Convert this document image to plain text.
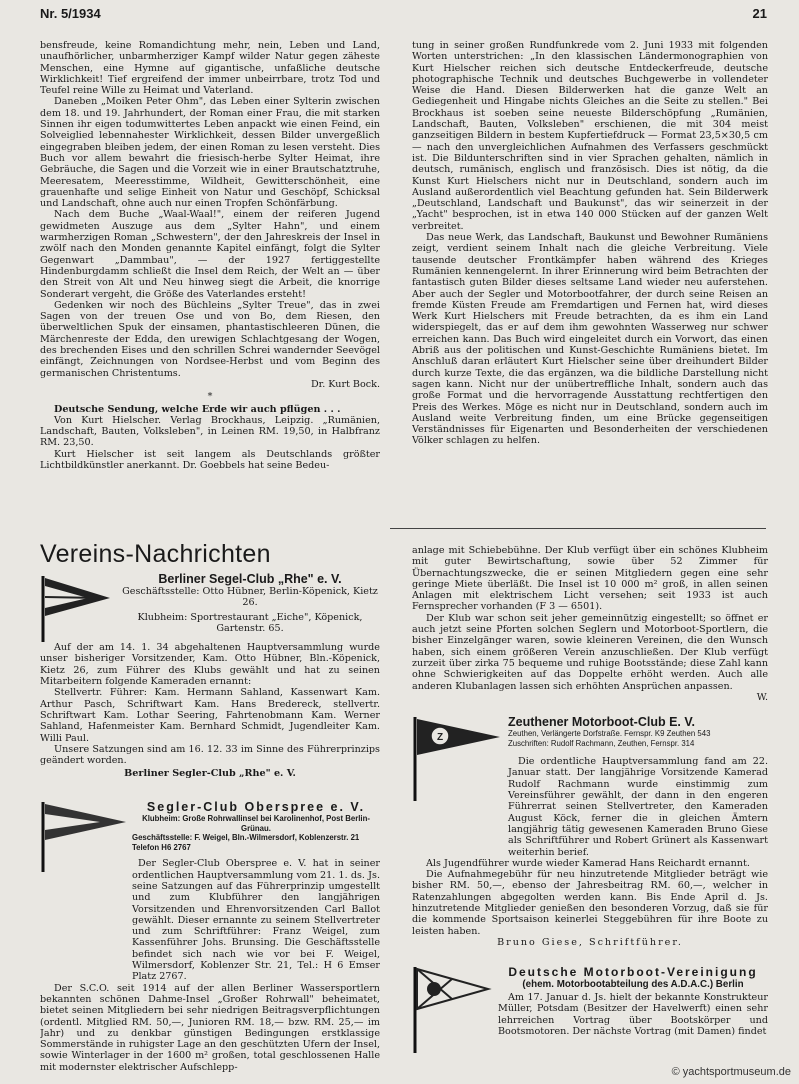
Nr. 5/1934	21

bensfreude, keine Romandichtung mehr, nein, Leben und Land, unaufhörlicher, unbarmherziger Kampf wilder Natur gegen zäheste Menschen, eine Hymne auf gigantische, unfaßliche deutsche Wirklichkeit! Tief ergreifend der immer unbeirrbare, trotz Tod und Teufel reine Wille zu Heimat und Vaterland.

Daneben „Moiken Peter Ohm", das Leben einer Sylterin zwischen dem 18. und 19. Jahrhundert, der Roman einer Frau, die mit starken Sinnen ihr eigen todumwittertes Leben anpackt wie einen Feind, ein Solveiglied lebennahester Wirklichkeit, dessen Bilder unvergeßlich eingegraben bleiben jedem, der einen Roman zu lesen versteht. Dies Buch vor allem bewahrt die friesisch-herbe Sylter Heimat, ihre Gebräuche, die Sagen und die Vorzeit wie in einer Brautschatztruhe, Meeresatem, Meeresstimme, Wildheit, Gewitterschönheit, eine grauenhafte und selige Einheit von Natur und Geschöpf, Schicksal und Landschaft, ohne auch nur einen Tropfen Schönfärbung.

Nach dem Buche „Waal-Waal!", einem der reiferen Jugend gewidmeten Auszuge aus dem „Sylter Hahn", und einem warmherzigen Roman „Schwestern", der den Jahreskreis der Insel in zwölf nach den Monden genannte Kapitel einfängt, folgt die Sylter Gegenwart „Dammbau", — der 1927 fertiggestellte Hindenburgdamm schließt die Insel dem Reich, der Welt an — über den Streit von Alt und Neu hinweg siegt die Arbeit, die knorrige Sonderart vergeht, die Größe des Vaterlandes ersteht!

Gedenken wir noch des Büchleins „Sylter Treue", das in zwei Sagen von der treuen Ose und von Bo, dem Riesen, den überweltlichen Spuk der einsamen, phantastischleeren Dünen, die Märchenreste der Edda, den urewigen Schlachtgesang der Wogen, des brechenden Eises und den schrillen Schrei wandernder Seevögel einfängt, Zeichnungen von Nordsee-Herbst und vom Beginn des germanischen Christentums.

Dr. Kurt Bock.
*

Deutsche Sendung, welche Erde wir auch pflügen . . .

Von Kurt Hielscher. Verlag Brockhaus, Leipzig. „Rumänien, Landschaft, Bauten, Volksleben", in Leinen RM. 19,50, in Halbfranz RM. 23,50.

Kurt Hielscher ist seit langem als Deutschlands größter Lichtbildkünstler anerkannt. Dr. Goebbels hat seine Bedeu-

tung in seiner großen Rundfunkrede vom 2. Juni 1933 mit folgenden Worten unterstrichen: „In den klassischen Ländermonographien von Kurt Hielscher reichen sich deutsche Entdeckerfreude, deutsche photographische Technik und deutsches Buchgewerbe in vollendeter Weise die Hand. Diesen Bilderwerken hat die ganze Welt an Gediegenheit und Hingabe nichts Gleiches an die Seite zu stellen." Bei Brockhaus ist soeben seine neueste Bilderschöpfung „Rumänien, Landschaft, Bauten, Volksleben" erschienen, die mit 304 meist ganzseitigen Bildern in bestem Kupfertiefdruck — Format 23,5×30,5 cm — nach den unvergleichlichen Aufnahmen des Verfassers geschmückt ist. Die Bildunterschriften sind in vier Sprachen gehalten, nämlich in deutsch, rumänisch, englisch und französisch. Dies ist nötig, da die Kunst Kurt Hielschers nicht nur in Deutschland, sondern auch im Ausland außerordentlich viel Beachtung gefunden hat. Sein Bilderwerk „Deutschland, Landschaft und Baukunst", das wir seinerzeit in der „Yacht" besprochen, ist in etwa 140 000 Stücken auf der ganzen Welt verbreitet.

Das neue Werk, das Landschaft, Baukunst und Bewohner Rumäniens zeigt, verdient seinem Inhalt nach die gleiche Verbreitung. Viele tausende deutscher Frontkämpfer haben während des Krieges Rumänien kennengelernt. In ihrer Erinnerung wird beim Betrachten der fantastisch guten Bilder dieses seltsame Land wieder neu auferstehen. Aber auch der Segler und Motorbootfahrer, der durch seine Reisen an fremde Küsten Freude am Fremdartigen und Fernen hat, wird dieses Werk Kurt Hielschers mit Freude betrachten, da es ihm ein Land widerspiegelt, das er auf dem ihm gewohnten Wasserweg nur schwer erreichen kann. Das Buch wird eingeleitet durch ein Vorwort, das einen Abriß aus der politischen und Kunst-Geschichte Rumäniens bietet. Im Anschluß daran erläutert Kurt Hielscher seine über dreihundert Bilder durch kurze Texte, die das ergänzen, wa die bildliche Darstellung nicht sagen kann. Nicht nur der unübertreffliche Inhalt, sondern auch das große Format und die hervorragende Ausstattung rechtfertigen den Preis des Werkes. Möge es nicht nur in Deutschland, sondern auch im Ausland weite Verbreitung finden, um eine Brücke gegenseitigen Verständnisses für Eigenarten und Besonderheiten der verschiedenen Völker schlagen zu helfen.

Vereins-Nachrichten
Berliner Segel-Club „Rhe" e. V.
Geschäftsstelle: Otto Hübner, Berlin-Köpenick, Kietz 26.
Klubheim: Sportrestaurant „Eiche", Köpenick, Gartenstr. 65.

Auf der am 14. 1. 34 abgehaltenen Hauptversammlung wurde unser bisheriger Vorsitzender, Kam. Otto Hübner, Bln.-Köpenick, Kietz 26, zum Führer des Klubs gewählt und hat zu seinen Mitarbeitern folgende Kameraden ernannt:

Stellvertr. Führer: Kam. Hermann Sahland, Kassenwart Kam. Arthur Pasch, Schriftwart Kam. Hans Bredereck, stellvertr. Schriftwart Kam. Lothar Seering, Fahrtenobmann Kam. Werner Sahland, Hafenmeister Kam. Bernhard Schmidt, Jugendleiter Kam. Willi Paul.

Unsere Satzungen sind am 16. 12. 33 im Sinne des Führerprinzips geändert worden.

Berliner Segler-Club „Rhe" e. V.
Segler-Club Oberspree e. V.
Klubheim: Große Rohrwallinsel bei Karolinenhof, Post Berlin-Grünau.
Geschäftsstelle: F. Weigel, Bln.-Wilmersdorf, Koblenzerstr. 21 Telefon H6 2767

Der Segler-Club Oberspree e. V. hat in seiner ordentlichen Hauptversammlung vom 21. 1. ds. Js. seine Satzungen auf das Führerprinzip umgestellt und zum Klubführer den langjährigen Vorsitzenden und Ehrenvorsitzenden Carl Ballot gewählt. Dieser ernannte zu seinem Stellvertreter und zum Schriftführer: Franz Weigel, zum Kassenführer Johs. Brunsing. Die Geschäftsstelle befindet sich nach wie vor bei F. Weigel, Wilmersdorf, Koblenzer Str. 21, Tel.: H 6 Emser Platz 2767.

Der S.C.O. seit 1914 auf der allen Berliner Wassersportlern bekannten schönen Dahme-Insel „Großer Rohrwall" beheimatet, bietet seinen Mitgliedern bei sehr niedrigen Beitragsverpflichtungen (ordentl. Mitglied RM. 50,—, Junioren RM. 18,— bzw. RM. 25,— im Jahr) und zu denkbar günstigen Bedingungen erstklassige Sommerstände in ruhigster Lage an den geschützten Ufern der Insel, sowie Winterlager in der 1600 m² großen, total geschlossenen Halle mit modernster elektrischer Aufschlepp-

anlage mit Schiebebühne. Der Klub verfügt über ein schönes Klubheim mit guter Bewirtschaftung, sowie über 52 Zimmer für Übernachtungszwecke, die er seinen Mitgliedern gegen eine sehr geringe Miete überläßt. Die Insel ist 10 000 m² groß, in allen seinen Anlagen mit elektrischem Licht versehen; seit 1933 ist auch Fernsprecher vorhanden (F 3 — 6501).

Der Klub war schon seit jeher gemeinnützig eingestellt; so öffnet er auch jetzt seine Pforten solchen Seglern und Motorboot-Sportlern, die bisher Einzelgänger waren, sowie kleineren Vereinen, die den Wunsch haben, sich einem größeren Verein anzuschließen. Der Klub verfügt zurzeit über zirka 75 bequeme und ruhige Bootsstände; diese Zahl kann ohne Schwierigkeiten auf das Doppelte erhöht werden. Auch alle anderen Klubanlagen lassen sich erhöhten Ansprüchen anpassen.

W.
Z
Zeuthener Motorboot-Club E. V.
Zeuthen, Verlängerte Dorfstraße. Fernspr. K9 Zeuthen 543
Zuschriften: Rudolf Rachmann, Zeuthen, Fernspr. 314

Die ordentliche Hauptversammlung fand am 22. Januar statt. Der langjährige Vorsitzende Kamerad Rudolf Rachmann wurde einstimmig zum Vereinsführer gewählt, der dann in den engeren Führerrat seinen Stellvertreter, den Kameraden August Köck, ferner die in gleichen Ämtern langjährig tätig gewesenen Kameraden Bruno Giese als Schriftführer und Robert Grünert als Kassenwart weiterhin berief.

Als Jugendführer wurde wieder Kamerad Hans Reichardt ernannt.

Die Aufnahmegebühr für neu hinzutretende Mitglieder beträgt wie bisher RM. 50,—, ebenso der Jahresbeitrag RM. 60,—, welcher in Ratenzahlungen abgegolten werden kann. Bis Ende April d. Js. hinzutretende Mitglieder genießen den besonderen Vorzug, daß sie für die kommende Sportsaison keinerlei Steggebühren für ihre Boote zu leisten haben.

Bruno Giese, Schriftführer.
Deutsche Motorboot-Vereinigung
(ehem. Motorbootabteilung des A.D.A.C.) Berlin

Am 17. Januar d. Js. hielt der bekannte Konstrukteur Müller, Potsdam (Besitzer der Havelwerft) einen sehr lehrreichen Vortrag über Bootskörper und Bootsmotoren. Der nächste Vortrag (mit Damen) findet

© yachtsportmuseum.de
